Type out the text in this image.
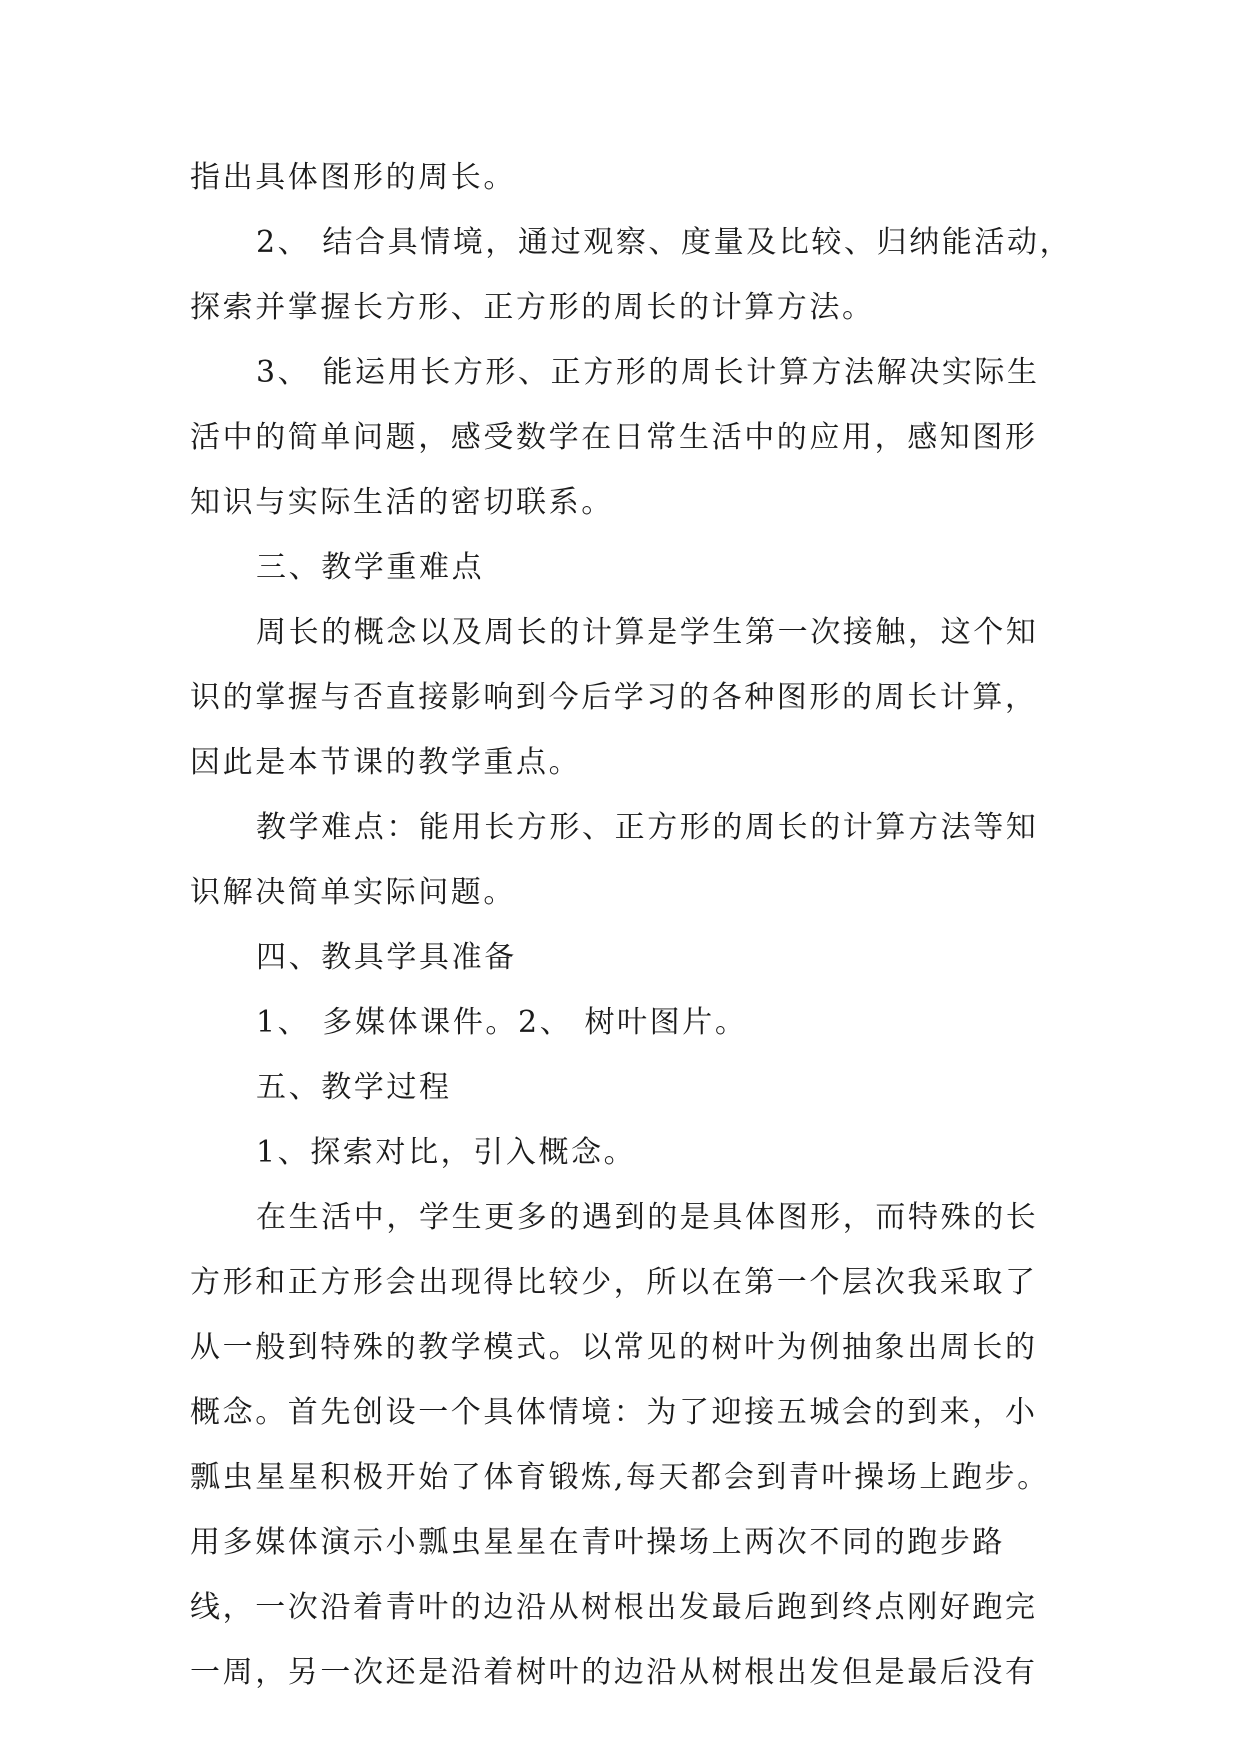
指出具体图形的周长。
2、 结合具情境，通过观察、度量及比较、归纳能活动，
探索并掌握长方形、正方形的周长的计算方法。
3、 能运用长方形、正方形的周长计算方法解决实际生
活中的简单问题，感受数学在日常生活中的应用，感知图形
知识与实际生活的密切联系。
三、教学重难点
周长的概念以及周长的计算是学生第一次接触，这个知
识的掌握与否直接影响到今后学习的各种图形的周长计算，
因此是本节课的教学重点。
教学难点：能用长方形、正方形的周长的计算方法等知
识解决简单实际问题。
四、教具学具准备
1、 多媒体课件。2、 树叶图片。
五、教学过程
1、探索对比，引入概念。
在生活中，学生更多的遇到的是具体图形，而特殊的长
方形和正方形会出现得比较少，所以在第一个层次我采取了
从一般到特殊的教学模式。以常见的树叶为例抽象出周长的
概念。首先创设一个具体情境：为了迎接五城会的到来，小
瓢虫星星积极开始了体育锻炼,每天都会到青叶操场上跑步。
用多媒体演示小瓢虫星星在青叶操场上两次不同的跑步路
线，一次沿着青叶的边沿从树根出发最后跑到终点刚好跑完
一周，另一次还是沿着树叶的边沿从树根出发但是最后没有
